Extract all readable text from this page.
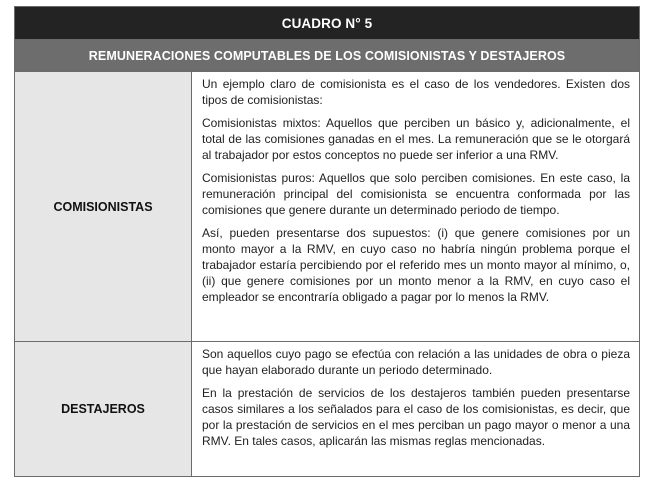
CUADRO N° 5
REMUNERACIONES COMPUTABLES DE LOS COMISIONISTAS Y DESTAJEROS
COMISIONISTAS

Un ejemplo claro de comisionista es el caso de los vendedores. Existen dos tipos de comisionistas:

Comisionistas mixtos: Aquellos que perciben un básico y, adicionalmente, el total de las comisiones ganadas en el mes. La remuneración que se le otorgará al trabajador por estos conceptos no puede ser inferior a una RMV.

Comisionistas puros: Aquellos que solo perciben comisiones. En este caso, la remuneración principal del comisionista se encuentra conformada por las comisiones que genere durante un determinado periodo de tiempo.

Así, pueden presentarse dos supuestos: (i) que genere comisiones por un monto mayor a la RMV, en cuyo caso no habría ningún problema porque el trabajador estaría percibiendo por el referido mes un monto mayor al mínimo, o, (ii) que genere comisiones por un monto menor a la RMV, en cuyo caso el empleador se encontraría obligado a pagar por lo menos la RMV.

DESTAJEROS

Son aquellos cuyo pago se efectúa con relación a las unidades de obra o pieza que hayan elaborado durante un periodo determinado.

En la prestación de servicios de los destajeros también pueden presentarse casos similares a los señalados para el caso de los comisionistas, es decir, que por la prestación de servicios en el mes perciban un pago mayor o menor a una RMV. En tales casos, aplicarán las mismas reglas mencionadas.
